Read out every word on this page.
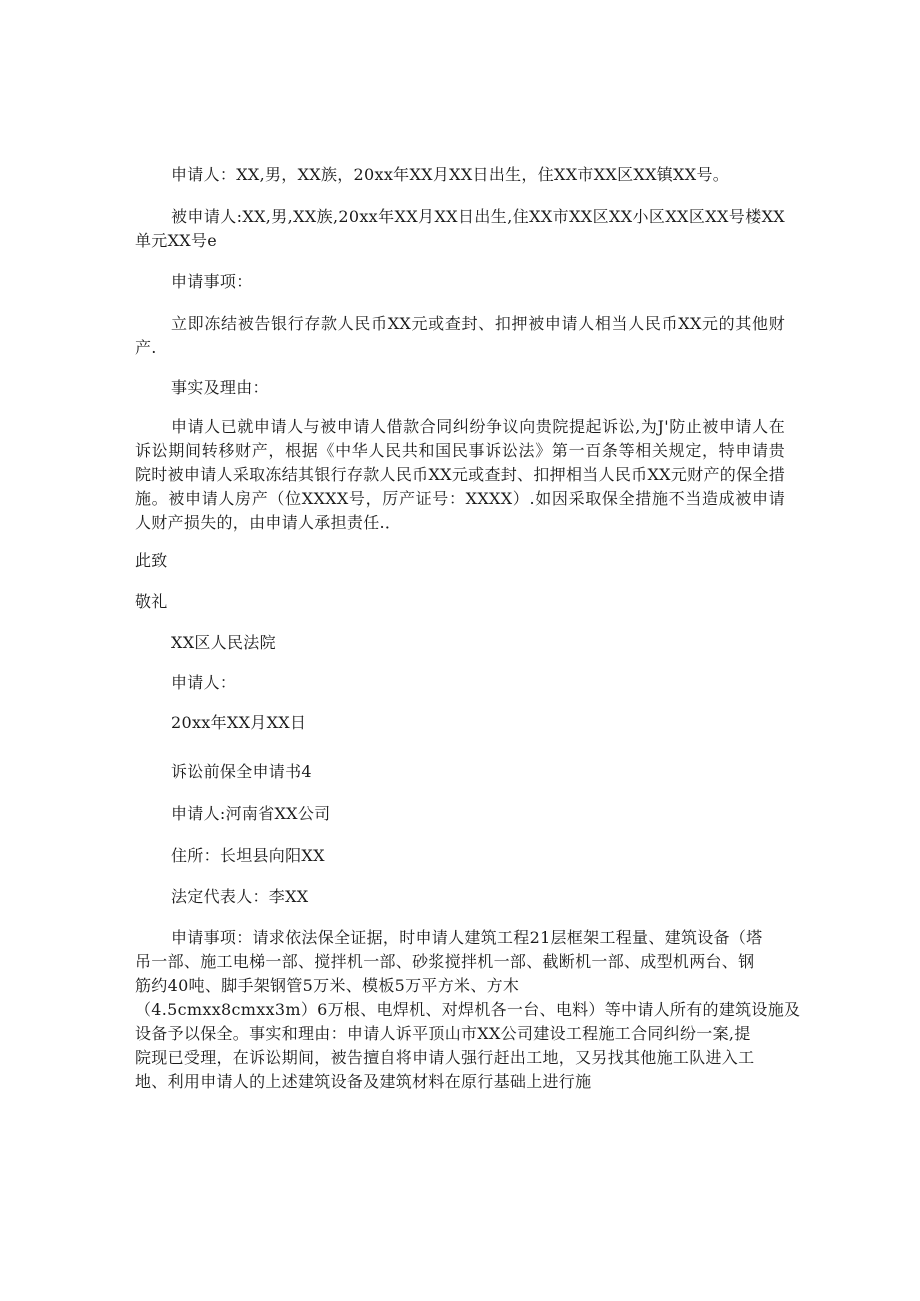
申请人：XX,男，XX族，20xx年XX月XX日出生，住XX市XX区XX镇XX号。

被申请人:XX,男,XX族,20xx年XX月XX日出生,住XX市XX区XX小区XX区XX号楼XX单元XX号e

申请事项：

立即冻结被告银行存款人民币XX元或查封、扣押被申请人相当人民币XX元的其他财产.

事实及理由：

申请人已就申请人与被申请人借款合同纠纷争议向贵院提起诉讼,为J'防止被申请人在诉讼期间转移财产，根据《中华人民共和国民事诉讼法》第一百条等相关规定，特申请贵院时被申请人采取冻结其银行存款人民币XX元或查封、扣押相当人民币XX元财产的保全措施。被申请人房产（位XXXX号，厉产证号：XXXX）.如因采取保全措施不当造成被申请人财产损失的，由申请人承担责任.．

此致

敬礼

XX区人民法院

申请人：

20xx年XX月XX日

诉讼前保全申请书4

申请人:河南省XX公司

住所：长坦县向阳XX

法定代表人：李XX

申请事项：请求依法保全证据，时申请人建筑工程21层框架工程量、建筑设备（塔
吊一部、施工电梯一部、搅拌机一部、砂浆搅拌机一部、截断机一部、成型机两台、钢
筋约40吨、脚手架钢管5万米、模板5万平方米、方木
（4.5cmxx8cmxx3m）6万根、电焊机、对焊机各一台、电料）等中请人所有的建筑设施及
设备予以保全。事实和理由：申请人诉平顶山市XX公司建设工程施工合同纠纷一案,提
院现已受理，在诉讼期间，被告擅自将申请人强行赶出工地，又另找其他施工队进入工
地、利用申请人的上述建筑设备及建筑材料在原行基础上进行施
